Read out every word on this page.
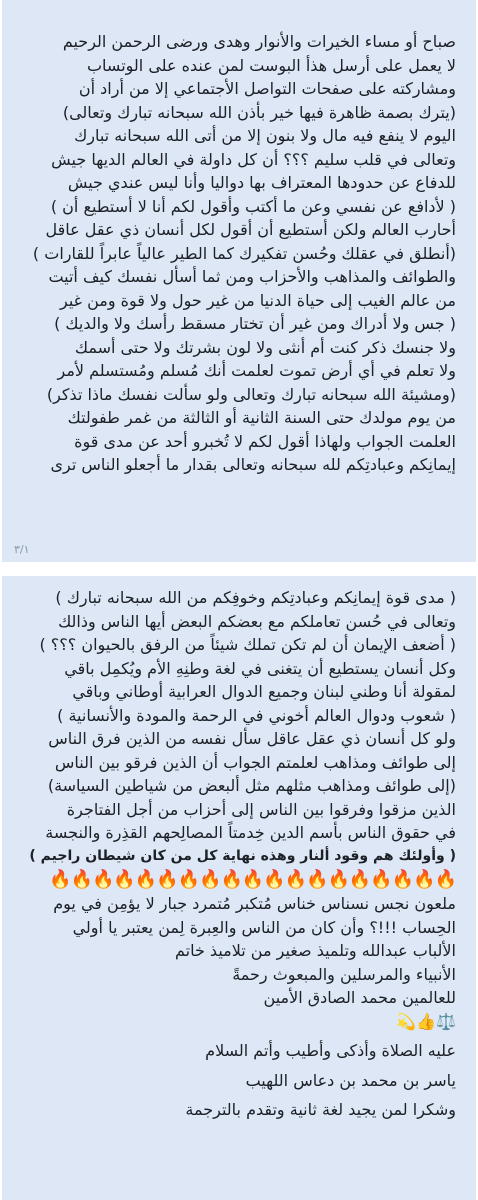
صباح أو مساء الخيرات والأنوار وهدى ورضى الرحمن الرحيم
لا يعمل على أرسل هذأ البوست لمن عنده على الوتساب
ومشاركته على صفحات التواصل الأجتماعي إلا من أراد أن
(يترك بصمة ظاهرة فيها خير بأذن الله سبحانه تبارك وتعالى)
اليوم لا ينفع فيه مال ولا بنون إلا من أتى الله سبحانه تبارك
وتعالى في قلب سليم ؟؟؟ أن كل داولة في العالم الديها جيش
للدفاع عن حدودها المعتراف بها دواليا وأنا ليس عندي جيش
( لأدافع عن نفسي وعن ما أكتب وأقول لكم أنا لا أستطيع أن )
أحارب العالم ولكن أستطيع أن أقول لكل أنسان ذي عقل عاقل
(أنطلق في عقلك وحُسن تفكيرك كما الطير عالياً عابراً للقارات )
والطوائف والمذاهب والأحزاب ومن ثما أسأل نفسك كيف أتيت
من عالم الغيب إلى حياة الدنيا من غير حول ولا قوة ومن غير
( جس ولا أدراك ومن غير أن تختار مسقط رأسك ولا والديك )
ولا جنسك ذكر كنت أم أنثى ولا لون بشرتك ولا حتى أسمك
ولا تعلم في أي أرض تموت لعلمت أنك مُسلم ومُستسلم لأمر
(ومشيئة الله سبحانه تبارك وتعالى ولو سألت نفسك ماذا تذكر)
من يوم مولدك حتى السنة الثانية أو الثالثة من غمر طفولتك
العلمت الجواب ولهاذا أقول لكم لا تُخبرو أحد عن مدى قوة
إيمانِكم وعبادتِكم لله سبحانه وتعالى بقدار ما أجعلو الناس ترى
٣/١
( مدى قوة إيمانِكم وعبادتِكم وخوفِكم من الله سبحانه تبارك )
وتعالى في حُسن تعاملكم مع بعضكم البعض أيها الناس وذالك
( أضعف الإيمان أن لم تكن تملك شيئاً من الرفق بالحيوان ؟؟؟ )
وكل أنسان يستطيع أن يتغنى في لغة وطنِهِ الأم ويُكمِل باقي
لمقولة أنا وطني لبنان وجميع الدوال العرابية أوطاني وباقي
( شعوب ودوال العالم أخوني في الرحمة والمودة والأنسانية )
ولو كل أنسان ذي عقل عاقل سأل نفسه من الذين فرق الناس
إلى طوائف ومذاهب لعلمتم الجواب أن الذين فرقو بين الناس
(إلى طوائف ومذاهب مثلهم مثل ألبعض من شياطين السياسة)
الذين مزقوا وفرقوا بين الناس إلى أحزاب من أجل الفتاجرة
في حقوق الناس بأسم الدين خِدمتاً المصالِحهم القذِرة والنجسة
( وأولئك هم وقود ألنار وهذه نهاية كل من كان شيطان راجيم )
🔥🔥🔥🔥🔥🔥🔥🔥🔥🔥🔥🔥🔥🔥🔥🔥🔥🔥🔥
ملعون نجس نسناس خناس مُتكبر مُتمرد جبار لا يؤمِن في يوم
الحِساب !!!؟ وأن كان من الناس والعِبرة لِمن يعتبر يا أولي
الألباب عبدالله وتلميذ صغير من تلاميذ خاتم
الأنبياء والمرسلين والمبعوث رحمةً
للعالمين محمد الصادق الأمين
⚖️👍💫
عليه الصلاة وأذكى وأطيب وأتم السلام
ياسر بن محمد بن دعاس اللهيب
وشكرا لمن يجيد لغة ثانية وتقدم بالترجمة
